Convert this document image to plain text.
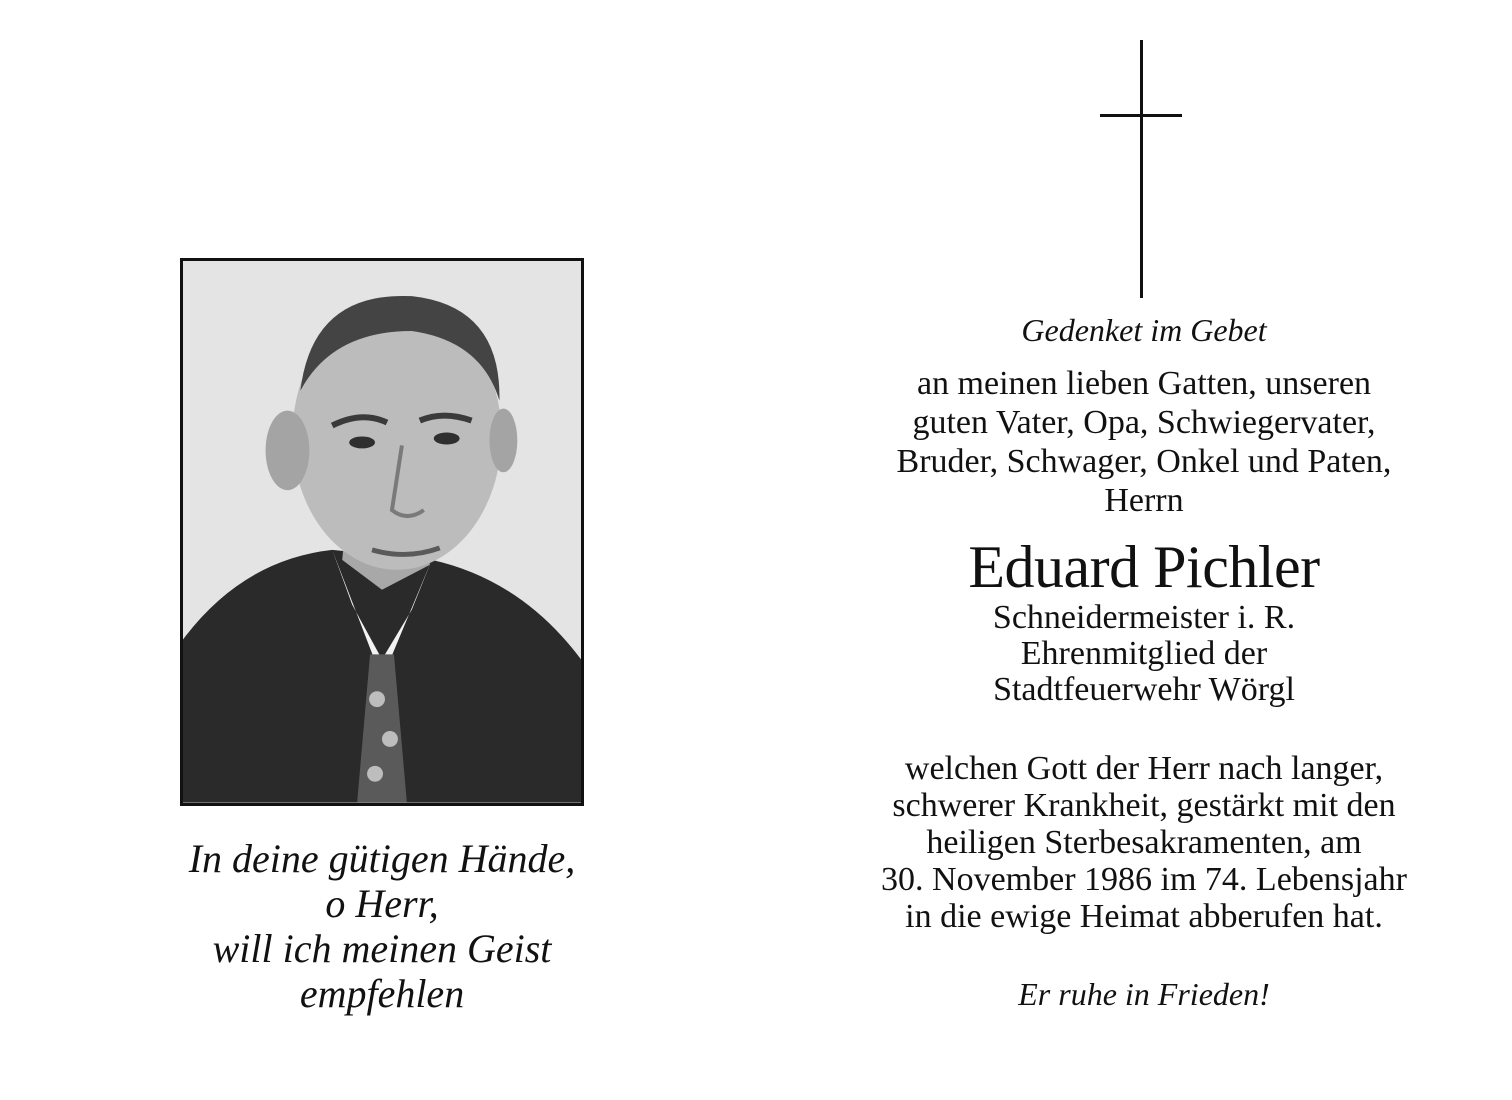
In deine gütigen Hände,
o Herr,
will ich meinen Geist
empfehlen
Gedenket im Gebet
an meinen lieben Gatten, unseren
guten Vater, Opa, Schwiegervater,
Bruder, Schwager, Onkel und Paten,
Herrn
Eduard Pichler
Schneidermeister i. R.
Ehrenmitglied der
Stadtfeuerwehr Wörgl
welchen Gott der Herr nach langer,
schwerer Krankheit, gestärkt mit den
heiligen Sterbesakramenten, am
30. November 1986 im 74. Lebensjahr
in die ewige Heimat abberufen hat.
Er ruhe in Frieden!
